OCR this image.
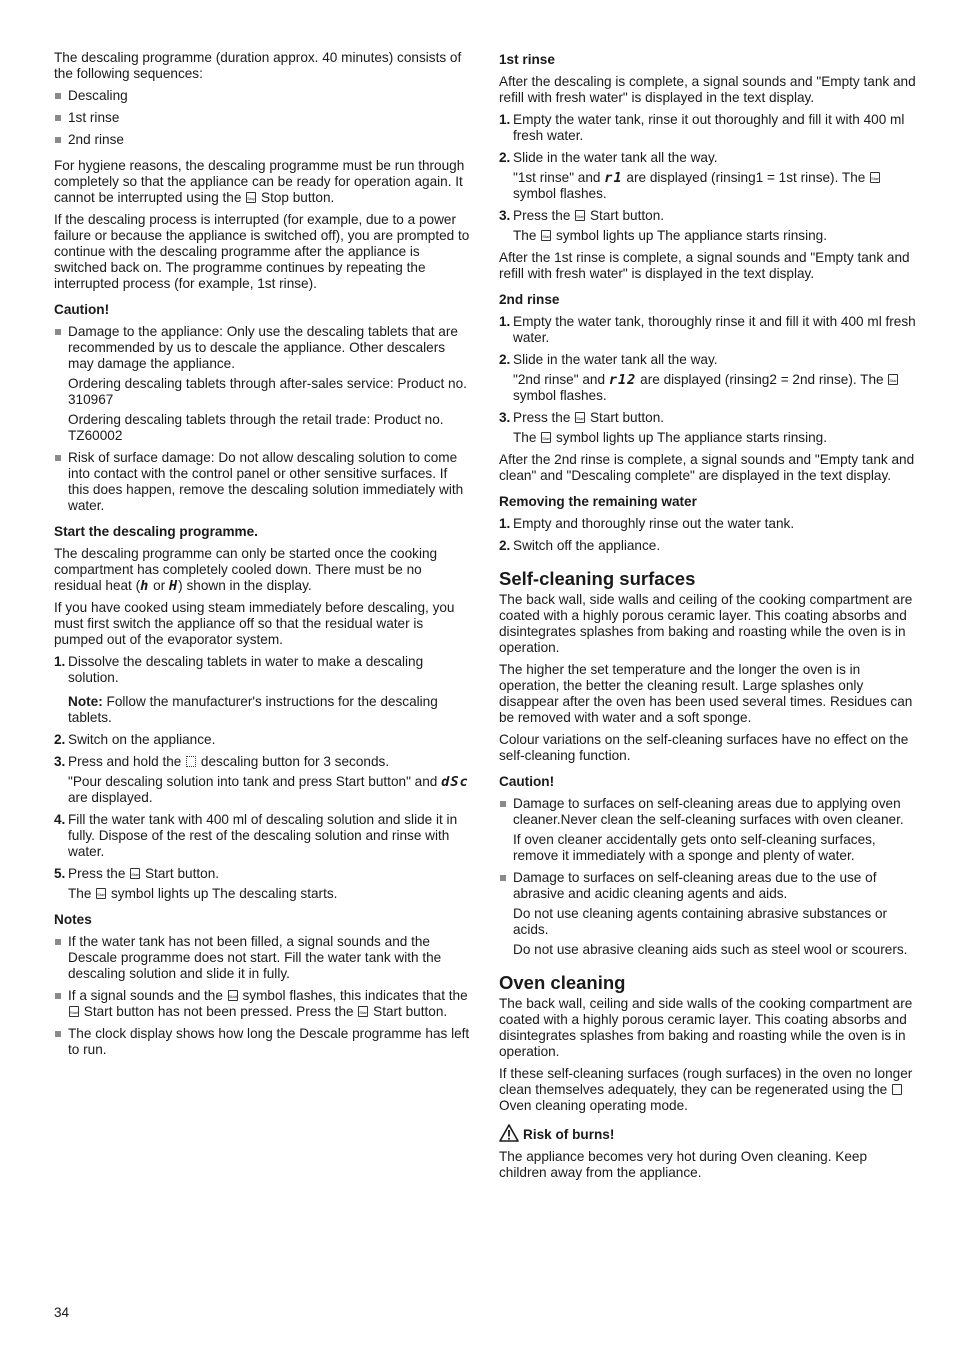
The descaling programme (duration approx. 40 minutes) consists of the following sequences:

Descaling
1st rinse
2nd rinse

For hygiene reasons, the descaling programme must be run through completely so that the appliance can be ready for operation again. It cannot be interrupted using the Stop Stop button.

If the descaling process is interrupted (for example, due to a power failure or because the appliance is switched off), you are prompted to continue with the descaling programme after the appliance is switched back on. The programme continues by repeating the interrupted process (for example, 1st rinse).

Caution!
Damage to the appliance: Only use the descaling tablets that are recommended by us to descale the appliance. Other descalers may damage the appliance.
Ordering descaling tablets through after-sales service: Product no. 310967
Ordering descaling tablets through the retail trade: Product no. TZ60002
Risk of surface damage: Do not allow descaling solution to come into contact with the control panel or other sensitive surfaces. If this does happen, remove the descaling solution immediately with water.
Start the descaling programme.

The descaling programme can only be started once the cooking compartment has completely cooled down. There must be no residual heat (h or H) shown in the display.

If you have cooked using steam immediately before descaling, you must first switch the appliance off so that the residual water is pumped out of the evaporator system.

1. Dissolve the descaling tablets in water to make a descaling solution.
Note: Follow the manufacturer's instructions for the descaling tablets.
2. Switch on the appliance.
3. Press and hold the descaling button for 3 seconds.
"Pour descaling solution into tank and press Start button" and dSc are displayed.
4. Fill the water tank with 400 ml of descaling solution and slide it in fully. Dispose of the rest of the descaling solution and rinse with water.
5. Press the Start Start button.
The Start symbol lights up The descaling starts.
Notes
If the water tank has not been filled, a signal sounds and the Descale programme does not start. Fill the water tank with the descaling solution and slide it in fully.
If a signal sounds and the Start symbol flashes, this indicates that the Start Start button has not been pressed. Press the Start Start button.
The clock display shows how long the Descale programme has left to run.
1st rinse

After the descaling is complete, a signal sounds and "Empty tank and refill with fresh water" is displayed in the text display.

1. Empty the water tank, rinse it out thoroughly and fill it with 400 ml fresh water.
2. Slide in the water tank all the way.
"1st rinse" and r1 are displayed (rinsing1 = 1st rinse). The Start symbol flashes.
3. Press the Start Start button.
The Start symbol lights up The appliance starts rinsing.

After the 1st rinse is complete, a signal sounds and "Empty tank and refill with fresh water" is displayed in the text display.

2nd rinse
1. Empty the water tank, thoroughly rinse it and fill it with 400 ml fresh water.
2. Slide in the water tank all the way.
"2nd rinse" and r12 are displayed (rinsing2 = 2nd rinse). The Start symbol flashes.
3. Press the Start Start button.
The Start symbol lights up The appliance starts rinsing.

After the 2nd rinse is complete, a signal sounds and "Empty tank and clean" and "Descaling complete" are displayed in the text display.

Removing the remaining water
1. Empty and thoroughly rinse out the water tank.
2. Switch off the appliance.
Self-cleaning surfaces

The back wall, side walls and ceiling of the cooking compartment are coated with a highly porous ceramic layer. This coating absorbs and disintegrates splashes from baking and roasting while the oven is in operation.

The higher the set temperature and the longer the oven is in operation, the better the cleaning result. Large splashes only disappear after the oven has been used several times. Residues can be removed with water and a soft sponge.

Colour variations on the self-cleaning surfaces have no effect on the self-cleaning function.

Caution!
Damage to surfaces on self-cleaning areas due to applying oven cleaner.Never clean the self-cleaning surfaces with oven cleaner.
If oven cleaner accidentally gets onto self-cleaning surfaces, remove it immediately with a sponge and plenty of water.
Damage to surfaces on self-cleaning areas due to the use of abrasive and acidic cleaning agents and aids.
Do not use cleaning agents containing abrasive substances or acids.
Do not use abrasive cleaning aids such as steel wool or scourers.
Oven cleaning

The back wall, ceiling and side walls of the cooking compartment are coated with a highly porous ceramic layer. This coating absorbs and disintegrates splashes from baking and roasting while the oven is in operation.

If these self-cleaning surfaces (rough surfaces) in the oven no longer clean themselves adequately, they can be regenerated using the  Oven cleaning operating mode.

Risk of burns!

The appliance becomes very hot during Oven cleaning. Keep children away from the appliance.

34
